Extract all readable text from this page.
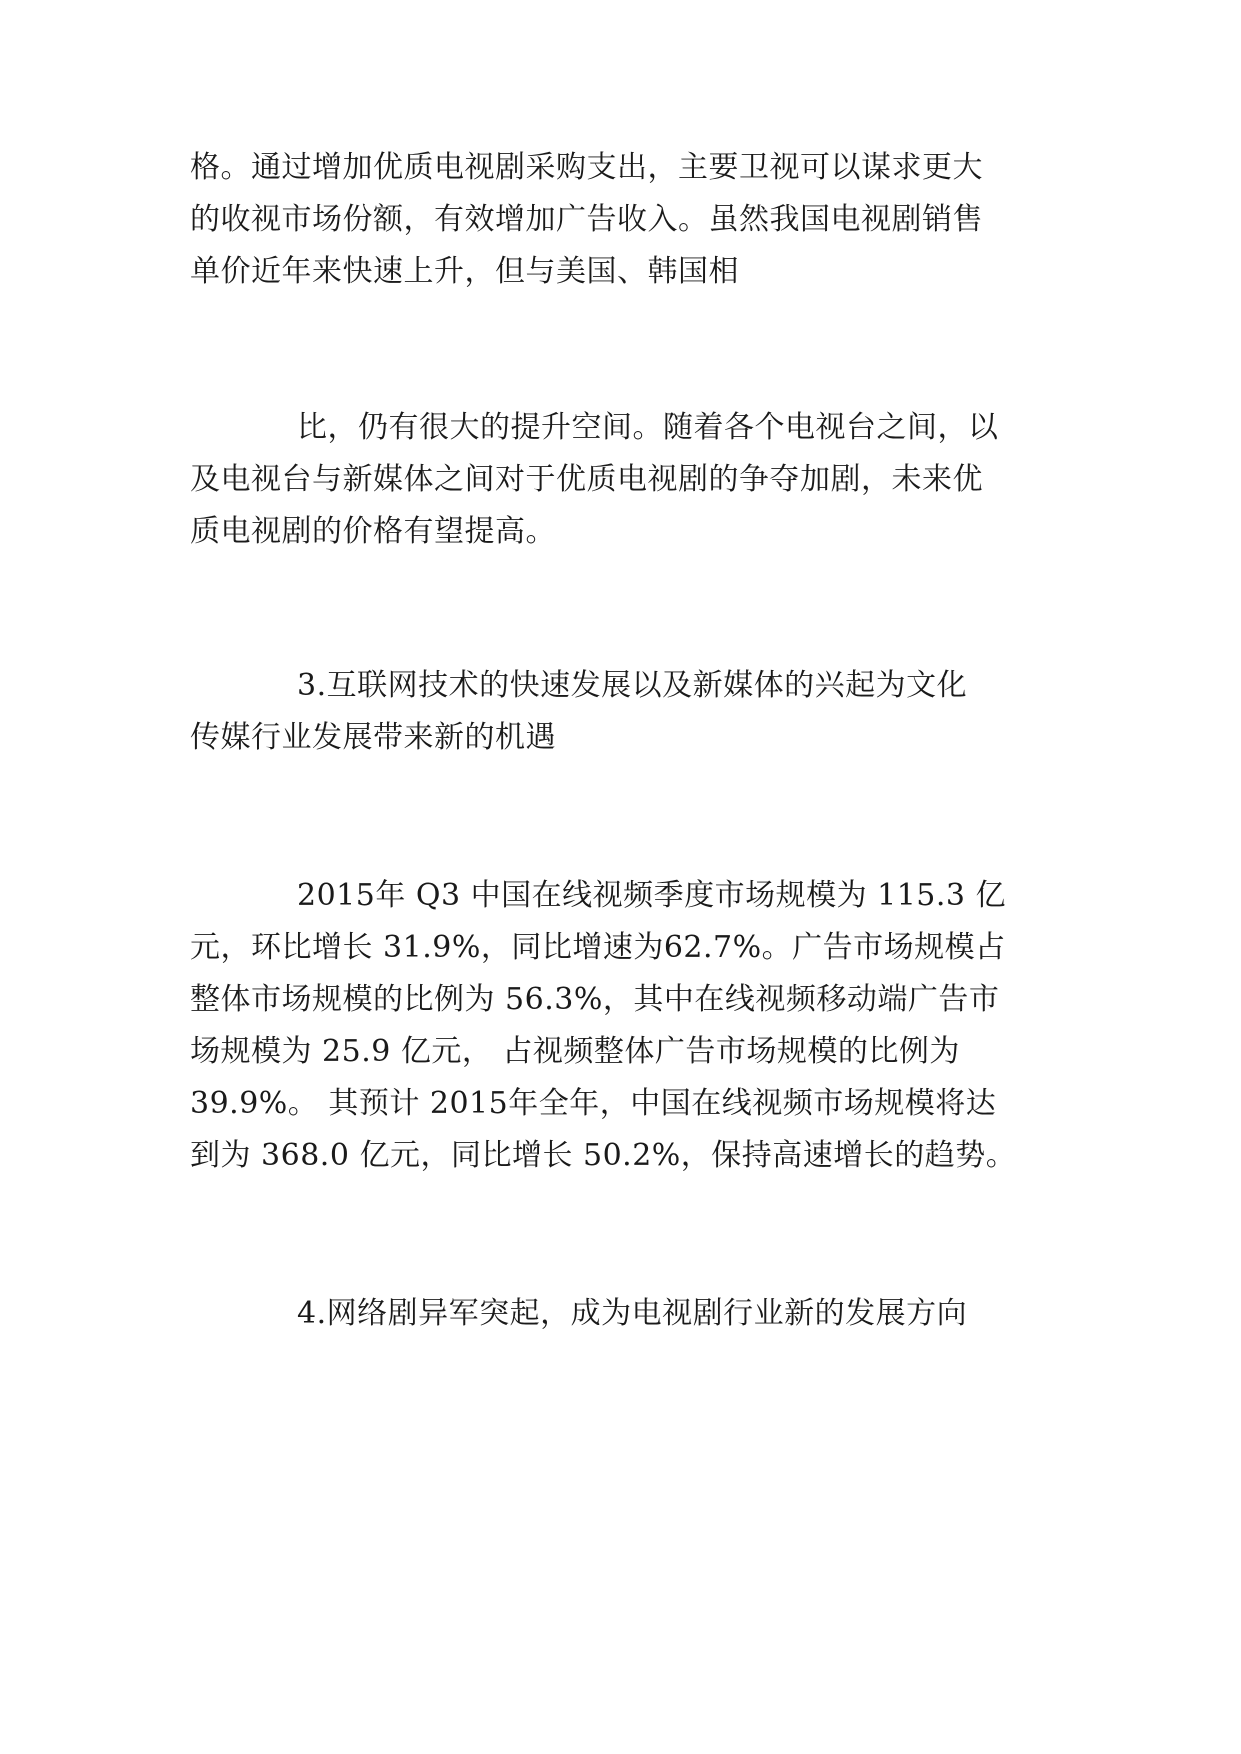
格。通过增加优质电视剧采购支出，主要卫视可以谋求更大
的收视市场份额，有效增加广告收入。虽然我国电视剧销售
单价近年来快速上升，但与美国、韩国相
比，仍有很大的提升空间。随着各个电视台之间，以
及电视台与新媒体之间对于优质电视剧的争夺加剧，未来优
质电视剧的价格有望提高。
3.互联网技术的快速发展以及新媒体的兴起为文化
传媒行业发展带来新的机遇
2015年 Q3 中国在线视频季度市场规模为 115.3 亿
元，环比增长 31.9%，同比增速为62.7%。广告市场规模占
整体市场规模的比例为 56.3%，其中在线视频移动端广告市
场规模为 25.9 亿元， 占视频整体广告市场规模的比例为
39.9%。 其预计 2015年全年，中国在线视频市场规模将达
到为 368.0 亿元，同比增长 50.2%，保持高速增长的趋势。
4.网络剧异军突起，成为电视剧行业新的发展方向
